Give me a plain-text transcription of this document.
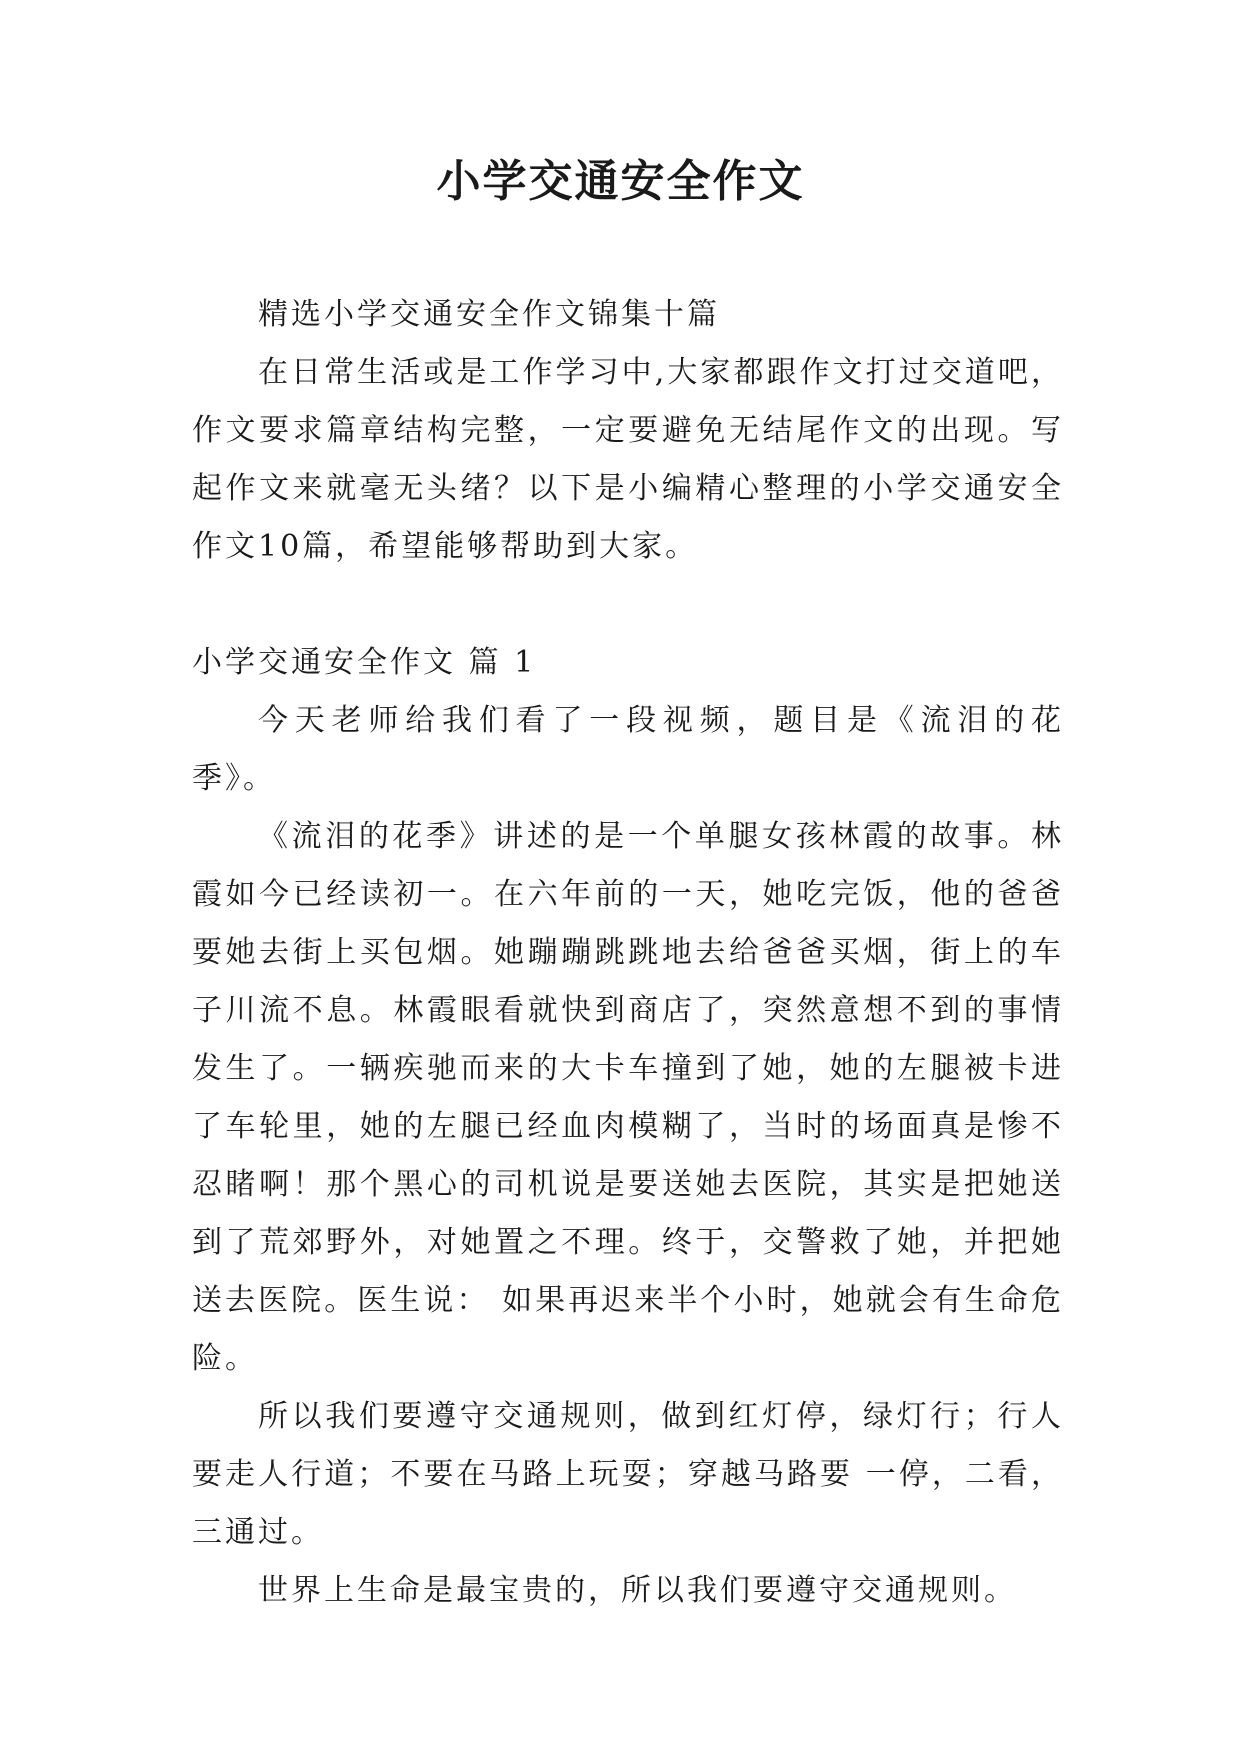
小学交通安全作文

精选小学交通安全作文锦集十篇

在日常生活或是工作学习中,大家都跟作文打过交道吧，作文要求篇章结构完整，一定要避免无结尾作文的出现。写起作文来就毫无头绪？以下是小编精心整理的小学交通安全作文10篇，希望能够帮助到大家。

小学交通安全作文 篇 1

今天老师给我们看了一段视频，题目是《流泪的花季》。

《流泪的花季》讲述的是一个单腿女孩林霞的故事。林霞如今已经读初一。在六年前的一天，她吃完饭，他的爸爸要她去街上买包烟。她蹦蹦跳跳地去给爸爸买烟，街上的车子川流不息。林霞眼看就快到商店了，突然意想不到的事情发生了。一辆疾驰而来的大卡车撞到了她，她的左腿被卡进了车轮里，她的左腿已经血肉模糊了，当时的场面真是惨不忍睹啊！那个黑心的司机说是要送她去医院，其实是把她送到了荒郊野外，对她置之不理。终于，交警救了她，并把她送去医院。医生说： 如果再迟来半个小时，她就会有生命危险。

所以我们要遵守交通规则，做到红灯停，绿灯行；行人要走人行道；不要在马路上玩耍；穿越马路要 一停，二看，三通过。

世界上生命是最宝贵的，所以我们要遵守交通规则。
